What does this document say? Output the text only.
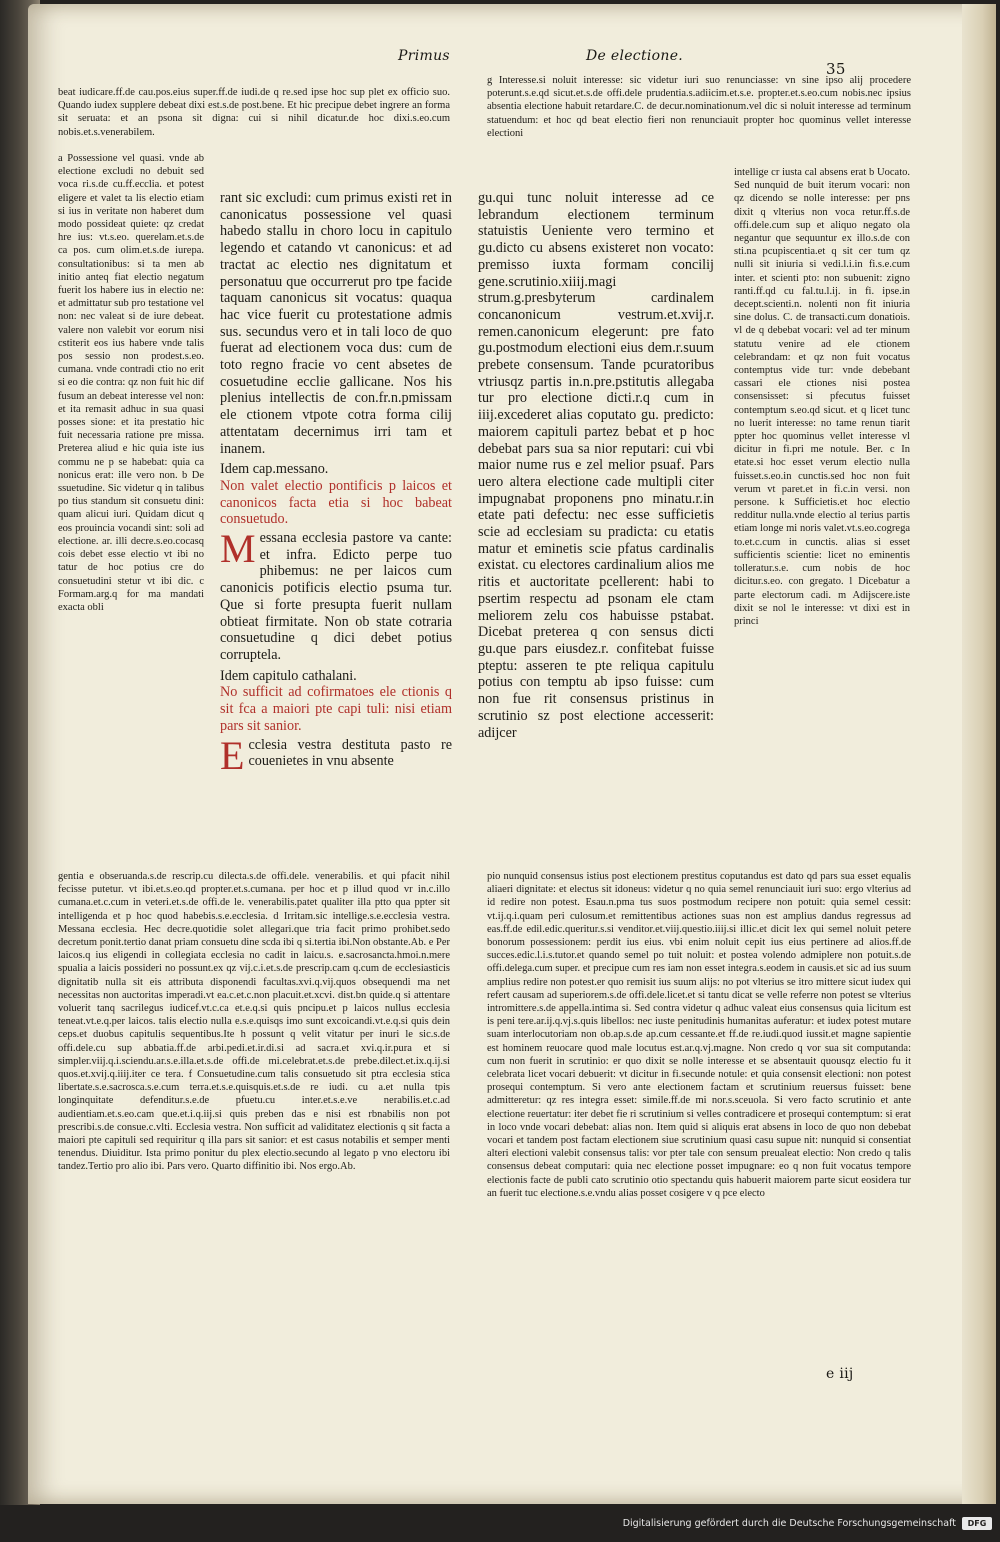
Primus	De electione.
35

beat iudicare.ff.de cau.pos.eius super.ff.de iudi.de q re.sed ipse hoc sup plet ex officio suo. Quando iudex supplere debeat dixi est.s.de post.bene. Et hic precipue debet ingrere an forma sit seruata: et an psona sit digna: cui si nihil dicatur.de hoc dixi.s.eo.cum nobis.et.s.venerabilem.

g Interesse.si noluit interesse: sic videtur iuri suo renunciasse: vn sine ipso alij procedere poterunt.s.e.qd sicut.et.s.de offi.dele prudentia.s.adiicim.et.s.e. propter.et.s.eo.cum nobis.nec ipsius absentia electione habuit retardare.C. de decur.nominationum.vel dic si noluit interesse ad terminum statuendum: et hoc qd beat electio fieri non renunciauit propter hoc quominus vellet interesse electioni

a Possessione vel quasi. vnde ab electione excludi no debuit sed voca ri.s.de cu.ff.ecclia. et potest eligere et valet ta lis electio etiam si ius in veritate non haberet dum modo possideat quiete: qz credat hre ius: vt.s.eo. querelam.et.s.de ca pos. cum olim.et.s.de iurepa. consultationibus: si ta men ab initio anteq fiat electio negatum fuerit los habere ius in electio ne: et admittatur sub pro testatione vel non: nec valeat si de iure debeat. valere non valebit vor eorum nisi cstiterit eos ius habere vnde talis pos sessio non prodest.s.eo. cumana. vnde contradi ctio no erit si eo die contra: qz non fuit hic dif fusum an debeat interesse vel non: et ita remasit adhuc in sua quasi posses sione: et ita prestatio hic fuit necessaria ratione pre missa. Preterea aliud e hic quia iste ius commu ne p se habebat: quia ca nonicus erat: ille vero non. b De ssuetudine. Sic videtur q in talibus po tius standum sit consuetu dini: quam alicui iuri. Quidam dicut q eos prouincia vocandi sint: soli ad electione. ar. illi decre.s.eo.cocasq cois debet esse electio vt ibi no tatur de hoc potius cre do consuetudini stetur vt ibi dic. c Formam.arg.q for ma mandati exacta obli

rant sic excludi: cum primus existi ret in canonicatus possessione vel quasi habedo stallu in choro locu in capitulo legendo et catando vt canonicus: et ad tractat ac electio nes dignitatum et personatuu que occurrerut pro tpe facide taquam canonicus sit vocatus: quaqua hac vice fuerit cu protestatione admis sus. secundus vero et in tali loco de quo fuerat ad electionem voca dus: cum de toto regno fracie vo cent absetes de cosuetudine ecclie gallicane. Nos his plenius intellectis de con.fr.n.pmissam ele ctionem vtpote cotra forma cilij attentatam decernimus irri tam et inanem.

Idem cap.messano.

Non valet electio pontificis p laicos et canonicos facta etia si hoc babeat consuetudo.

M essana ecclesia pastore va cante: et infra. Edicto perpe tuo phibemus: ne per laicos cum canonicis potificis electio psuma tur. Que si forte presupta fuerit nullam obtieat firmitate. Non ob state cotraria consuetudine q dici debet potius corruptela.

Idem capitulo cathalani.

No sufficit ad cofirmatoes ele ctionis q sit fca a maiori pte capi tuli: nisi etiam pars sit sanior.

E cclesia vestra destituta pasto re couenietes in vnu absente

gu.qui tunc noluit interesse ad ce lebrandum electionem terminum statuistis Ueniente vero termino et gu.dicto cu absens existeret non vocato: premisso iuxta formam concilij gene.scrutinio.xiiij.magi strum.g.presbyterum cardinalem concanonicum vestrum.et.xvij.r. remen.canonicum elegerunt: pre fato gu.postmodum electioni eius dem.r.suum prebete consensum. Tande pcuratoribus vtriusqz partis in.n.pre.pstitutis allegaba tur pro electione dicti.r.q cum in iiij.excederet alias coputato gu. predicto: maiorem capituli partez bebat et p hoc debebat pars sua sa nior reputari: cui vbi maior nume rus e zel melior psuaf. Pars uero altera electione cade multipli citer impugnabat proponens pno minatu.r.in etate pati defectu: nec esse sufficietis scie ad ecclesiam su pradicta: cu etatis matur et eminetis scie pfatus cardinalis existat. cu electores cardinalium alios me ritis et auctoritate pcellerent: habi to psertim respectu ad psonam ele ctam meliorem zelu cos habuisse pstabat. Dicebat preterea q con sensus dicti gu.que pars eiusdez.r. confitebat fuisse pteptu: asseren te pte reliqua capitulu potius con temptu ab ipso fuisse: cum non fue rit consensus pristinus in scrutinio sz post electione accesserit: adijcer

intellige cr iusta cal absens erat b Uocato. Sed nunquid de buit iterum vocari: non qz dicendo se nolle interesse: per pns dixit q vlterius non voca retur.ff.s.de offi.dele.cum sup et aliquo negato ola negantur que sequuntur ex illo.s.de con sti.na pcupiscentia.et q sit cer tum qz nulli sit iniuria si vedi.l.i.in fi.s.e.cum inter. et scienti pto: non subuenit: zigno ranti.ff.qd cu fal.tu.l.ij. in fi. ipse.in decept.scienti.n. nolenti non fit iniuria sine dolus. C. de transacti.cum donatiois. vl de q debebat vocari: vel ad ter minum statutu venire ad ele ctionem celebrandam: et qz non fuit vocatus contemptus vide tur: vnde debebant cassari ele ctiones nisi postea consensisset: si pfecutus fuisset contemptum s.eo.qd sicut. et q licet tunc no luerit interesse: no tame renun tiarit ppter hoc quominus vellet interesse vl dicitur in fi.pri me notule. Ber. c In etate.si hoc esset verum electio nulla fuisset.s.eo.in cunctis.sed hoc non fuit verum vt paret.et in fi.c.in versi. non persone. k Sufficietis.et hoc electio redditur nulla.vnde electio al terius partis etiam longe mi noris valet.vt.s.eo.cogrega to.et.c.cum in cunctis. alias si esset sufficientis scientie: licet no eminentis tolleratur.s.e. cum nobis de hoc dicitur.s.eo. con gregato. l Dicebatur a parte electorum cadi. m Adijscere.iste dixit se nol le interesse: vt dixi est in princi

gentia e obseruanda.s.de rescrip.cu dilecta.s.de offi.dele. venerabilis. et qui pfacit nihil fecisse putetur. vt ibi.et.s.eo.qd propter.et.s.cumana. per hoc et p illud quod vr in.c.illo cumana.et.c.cum in veteri.et.s.de offi.de le. venerabilis.patet qualiter illa ptto qua ppter sit intelligenda et p hoc quod habebis.s.e.ecclesia. d Irritam.sic intellige.s.e.ecclesia vestra. Messana ecclesia. Hec decre.quotidie solet allegari.que tria facit primo prohibet.sedo decretum ponit.tertio danat priam consuetu dine scda ibi q si.tertia ibi.Non obstante.Ab. e Per laicos.q ius eligendi in collegiata ecclesia no cadit in laicu.s. e.sacrosancta.hmoi.n.mere spualia a laicis possideri no possunt.ex qz vij.c.i.et.s.de prescrip.cam q.cum de ecclesiasticis dignitatib nulla sit eis attributa disponendi facultas.xvi.q.vij.quos obsequendi ma net necessitas non auctoritas imperadi.vt ea.c.et.c.non placuit.et.xcvi. dist.bn quide.q si attentare voluerit tanq sacrilegus iudicef.vt.c.ca et.e.q.si quis pncipu.et p laicos nullus ecclesia teneat.vt.e.q.per laicos. talis electio nulla e.s.e.quisqs imo sunt excoicandi.vt.e.q.si quis dein ceps.et duobus capitulis sequentibus.Ite h possunt q velit vitatur per inuri le sic.s.de offi.dele.cu sup abbatia.ff.de arbi.pedi.et.ir.di.si ad sacra.et xvi.q.ir.pura et si simpler.viij.q.i.sciendu.ar.s.e.illa.et.s.de offi.de mi.celebrat.et.s.de prebe.dilect.et.ix.q.ij.si quos.et.xvij.q.iiij.iter ce tera. f Consuetudine.cum talis consuetudo sit ptra ecclesia stica libertate.s.e.sacrosca.s.e.cum terra.et.s.e.quisquis.et.s.de re iudi. cu a.et nulla tpis longinquitate defenditur.s.e.de pfuetu.cu inter.et.s.e.ve nerabilis.et.c.ad audientiam.et.s.eo.cam que.et.i.q.iij.si quis preben das e nisi est rbnabilis non pot prescribi.s.de consue.c.vlti. Ecclesia vestra. Non sufficit ad validitatez electionis q sit facta a maiori pte capituli sed requiritur q illa pars sit sanior: et est casus notabilis et semper menti tenendus. Diuiditur. Ista primo ponitur du plex electio.secundo al legato p vno electoru ibi tandez.Tertio pro alio ibi. Pars vero. Quarto diffinitio ibi. Nos ergo.Ab.

pio nunquid consensus istius post electionem prestitus coputandus est dato qd pars sua esset equalis aliaeri dignitate: et electus sit idoneus: videtur q no quia semel renunciauit iuri suo: ergo vlterius ad id redire non potest. Esau.n.pma tus suos postmodum recipere non potuit: quia semel cessit: vt.ij.q.i.quam peri culosum.et remittentibus actiones suas non est amplius dandus regressus ad eas.ff.de edil.edic.queritur.s.si venditor.et.viij.questio.iiij.si illic.et dicit lex qui semel noluit petere bonorum possessionem: perdit ius eius. vbi enim noluit cepit ius eius pertinere ad alios.ff.de succes.edic.l.i.s.tutor.et quando semel po tuit noluit: et postea volendo admiplere non potuit.s.de offi.delega.cum super. et precipue cum res iam non esset integra.s.eodem in causis.et sic ad ius suum amplius redire non potest.er quo remisit ius suum alijs: no pot vlterius se itro mittere sicut iudex qui refert causam ad superiorem.s.de offi.dele.licet.et si tantu dicat se velle referre non potest se vlterius intromittere.s.de appella.intima si. Sed contra videtur q adhuc valeat eius consensus quia licitum est is peni tere.ar.ij.q.vj.s.quis libellos: nec iuste penitudinis humanitas auferatur: et iudex potest mutare suam interlocutoriam non ob.ap.s.de ap.cum cessante.et ff.de re.iudi.quod iussit.et magne sapientie est hominem reuocare quod male locutus est.ar.q.vj.magne. Non credo q vor sua sit computanda: cum non fuerit in scrutinio: er quo dixit se nolle interesse et se absentauit quousqz electio fu it celebrata licet vocari debuerit: vt dicitur in fi.secunde notule: et quia consensit electioni: non potest prosequi contemptum. Si vero ante electionem factam et scrutinium reuersus fuisset: bene admitteretur: qz res integra esset: simile.ff.de mi nor.s.sceuola. Si vero facto scrutinio et ante electione reuertatur: iter debet fie ri scrutinium si velles contradicere et prosequi contemptum: si erat in loco vnde vocari debebat: alias non. Item quid si aliquis erat absens in loco de quo non debebat vocari et tandem post factam electionem siue scrutinium quasi casu supue nit: nunquid si consentiat alteri electioni valebit consensus talis: vor pter tale con sensum preualeat electio: Non credo q talis consensus debeat computari: quia nec electione posset impugnare: eo q non fuit vocatus tempore electionis facte de publi cato scrutinio otio spectandu quis habuerit maiorem parte sicut eosidera tur an fuerit tuc electione.s.e.vndu alias posset cosigere v q pce electo

e iij
Digitalisierung gefördert durch die Deutsche Forschungsgemeinschaft	DFG
